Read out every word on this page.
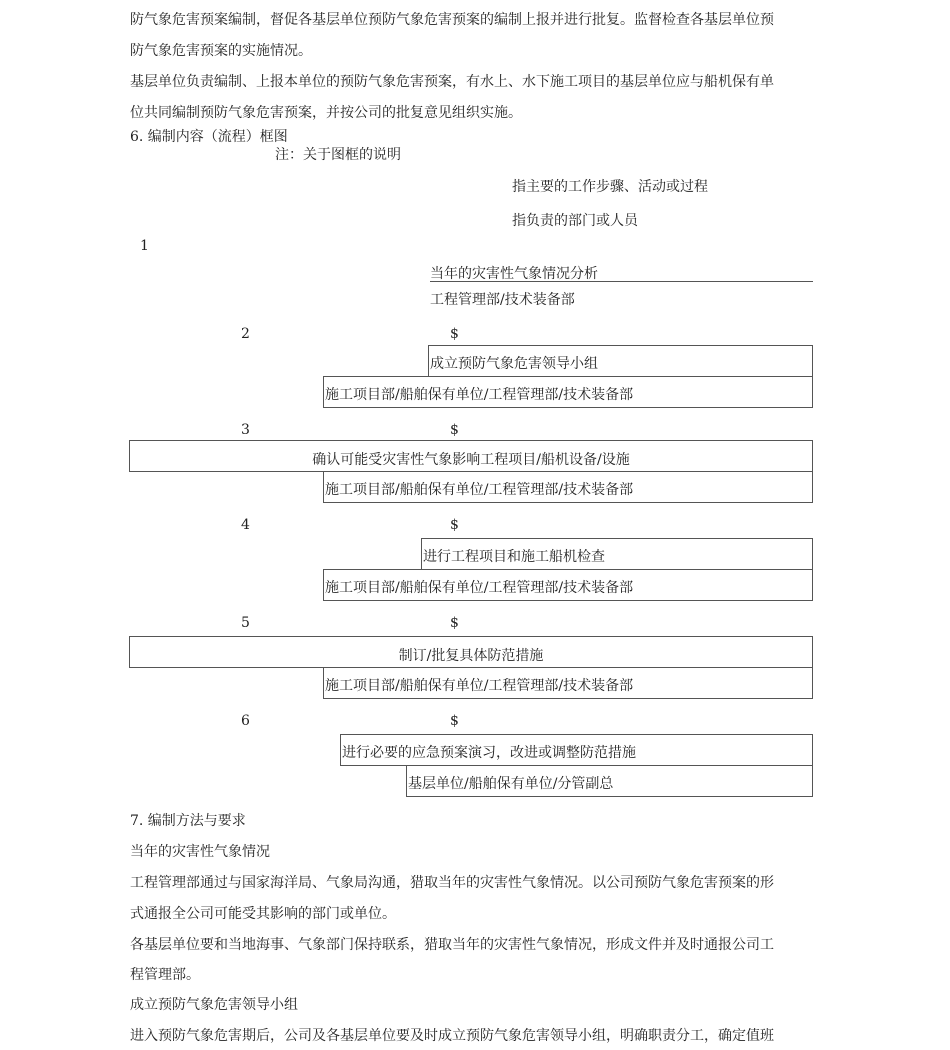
防气象危害预案编制，督促各基层单位预防气象危害预案的编制上报并进行批复。监督检查各基层单位预
防气象危害预案的实施情况。
基层单位负责编制、上报本单位的预防气象危害预案，有水上、水下施工项目的基层单位应与船机保有单
位共同编制预防气象危害预案，并按公司的批复意见组织实施。
6. 编制内容（流程）框图
注：关于图框的说明
指主要的工作步骤、活动或过程
指负责的部门或人员
1
当年的灾害性气象情况分析
工程管理部/技术装备部
2	$
成立预防气象危害领导小组
施工项目部/船舶保有单位/工程管理部/技术装备部
3	$
确认可能受灾害性气象影响工程项目/船机设备/设施
施工项目部/船舶保有单位/工程管理部/技术装备部
4	$
进行工程项目和施工船机检查
施工项目部/船舶保有单位/工程管理部/技术装备部
5	$
制订/批复具体防范措施
施工项目部/船舶保有单位/工程管理部/技术装备部
6	$
进行必要的应急预案演习，改进或调整防范措施
基层单位/船舶保有单位/分管副总
7. 编制方法与要求
当年的灾害性气象情况
工程管理部通过与国家海洋局、气象局沟通，猎取当年的灾害性气象情况。以公司预防气象危害预案的形
式通报全公司可能受其影响的部门或单位。
各基层单位要和当地海事、气象部门保持联系，猎取当年的灾害性气象情况，形成文件并及时通报公司工
程管理部。
成立预防气象危害领导小组
进入预防气象危害期后，公司及各基层单位要及时成立预防气象危害领导小组，明确职责分工，确定值班
